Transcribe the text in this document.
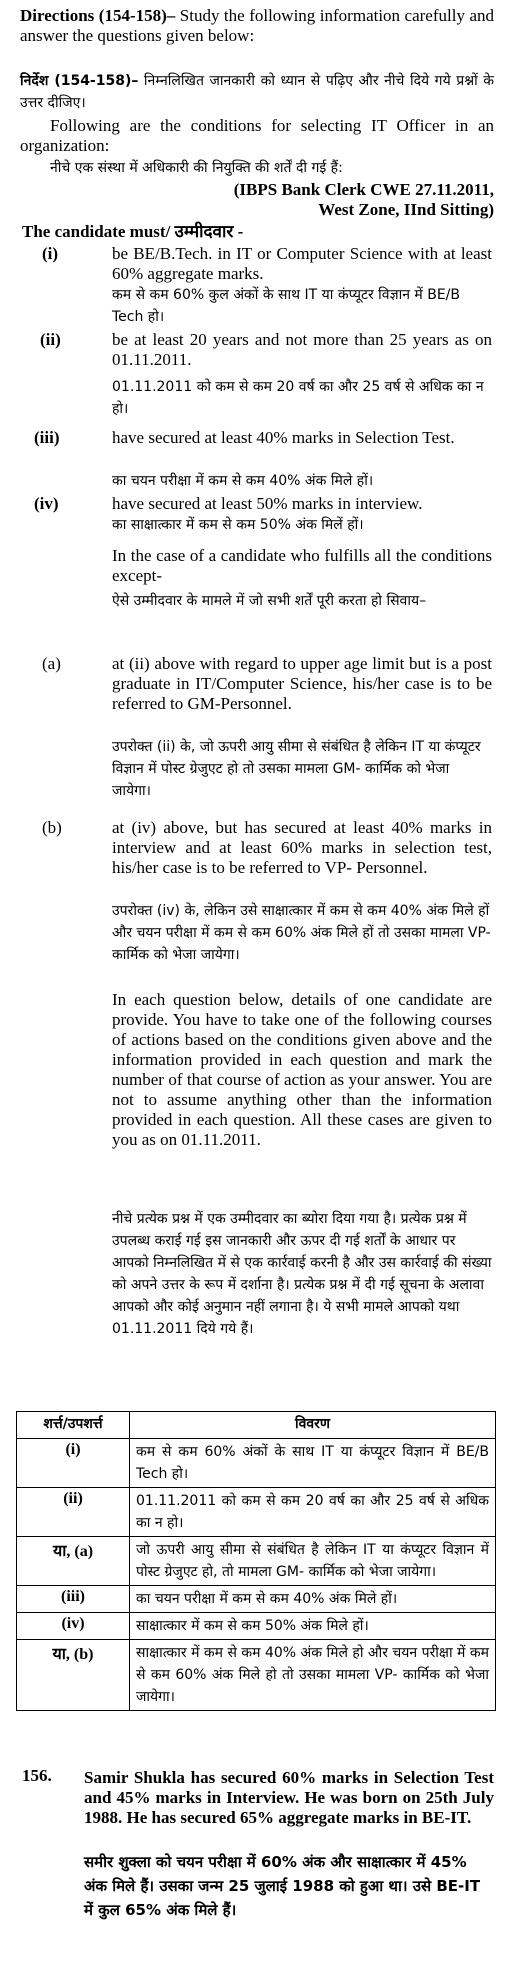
Directions (154-158)– Study the following information carefully and answer the questions given below:
निर्देश (154-158)– निम्नलिखित जानकारी को ध्यान से पढ़िए और नीचे दिये गये प्रश्नों के उत्तर दीजिए।
Following are the conditions for selecting IT Officer in an organization:
नीचे एक संस्था में अधिकारी की नियुक्ति की शर्तें दी गई हैं:
(IBPS Bank Clerk CWE 27.11.2011,
West Zone, IInd Sitting)
The candidate must/ उम्मीदवार -
(i)	be BE/B.Tech. in IT or Computer Science with at least 60% aggregate marks.
कम से कम 60% कुल अंकों के साथ IT या कंप्यूटर विज्ञान में BE/B Tech हो।
(ii)	be at least 20 years and not more than 25 years as on 01.11.2011.
01.11.2011 को कम से कम 20 वर्ष का और 25 वर्ष से अधिक का न हो।
(iii)	have secured at least 40% marks in Selection Test.
का चयन परीक्षा में कम से कम 40% अंक मिले हों।
(iv)	have secured at least 50% marks in interview.
का साक्षात्कार में कम से कम 50% अंक मिलें हों।
In the case of a candidate who fulfills all the conditions except-
ऐसे उम्मीदवार के मामले में जो सभी शर्तें पूरी करता हो सिवाय–
(a)	at (ii) above with regard to upper age limit but is a post graduate in IT/Computer Science, his/her case is to be referred to GM-Personnel.
उपरोक्त (ii) के, जो ऊपरी आयु सीमा से संबंधित है लेकिन IT या कंप्यूटर विज्ञान में पोस्ट ग्रेजुएट हो तो उसका मामला GM- कार्मिक को भेजा जायेगा।
(b)	at (iv) above, but has secured at least 40% marks in interview and at least 60% marks in selection test, his/her case is to be referred to VP- Personnel.
उपरोक्त (iv) के, लेकिन उसे साक्षात्कार में कम से कम 40% अंक मिले हों और चयन परीक्षा में कम से कम 60% अंक मिले हों तो उसका मामला VP- कार्मिक को भेजा जायेगा।
In each question below, details of one candidate are provide. You have to take one of the following courses of actions based on the conditions given above and the information provided in each question and mark the number of that course of action as your answer. You are not to assume anything other than the information provided in each question. All these cases are given to you as on 01.11.2011.
नीचे प्रत्येक प्रश्न में एक उम्मीदवार का ब्योरा दिया गया है। प्रत्येक प्रश्न में उपलब्ध कराई गई इस जानकारी और ऊपर दी गई शर्तों के आधार पर आपको निम्नलिखित में से एक कार्रवाई करनी है और उस कार्रवाई की संख्या को अपने उत्तर के रूप में दर्शाना है। प्रत्येक प्रश्न में दी गई सूचना के अलावा आपको और कोई अनुमान नहीं लगाना है। ये सभी मामले आपको यथा 01.11.2011 दिये गये हैं।
शर्त्त/उपशर्त्त	विवरण
(i)	कम से कम 60% अंकों के साथ IT या कंप्यूटर विज्ञान में BE/B Tech हो।
(ii)	01.11.2011 को कम से कम 20 वर्ष का और 25 वर्ष से अधिक का न हो।
या, (a)	जो ऊपरी आयु सीमा से संबंधित है लेकिन IT या कंप्यूटर विज्ञान में पोस्ट ग्रेजुएट हो, तो मामला GM- कार्मिक को भेजा जायेगा।
(iii)	का चयन परीक्षा में कम से कम 40% अंक मिले हों।
(iv)	साक्षात्कार में कम से कम 50% अंक मिले हों।
या, (b)	साक्षात्कार में कम से कम 40% अंक मिले हो और चयन परीक्षा में कम से कम 60% अंक मिले हो तो उसका मामला VP- कार्मिक को भेजा जायेगा।
156. Samir Shukla has secured 60% marks in Selection Test and 45% marks in Interview. He was born on 25th July 1988. He has secured 65% aggregate marks in BE-IT.
समीर शुक्ला को चयन परीक्षा में 60% अंक और साक्षात्कार में 45% अंक मिले हैं। उसका जन्म 25 जुलाई 1988 को हुआ था। उसे BE-IT में कुल 65% अंक मिले हैं।
